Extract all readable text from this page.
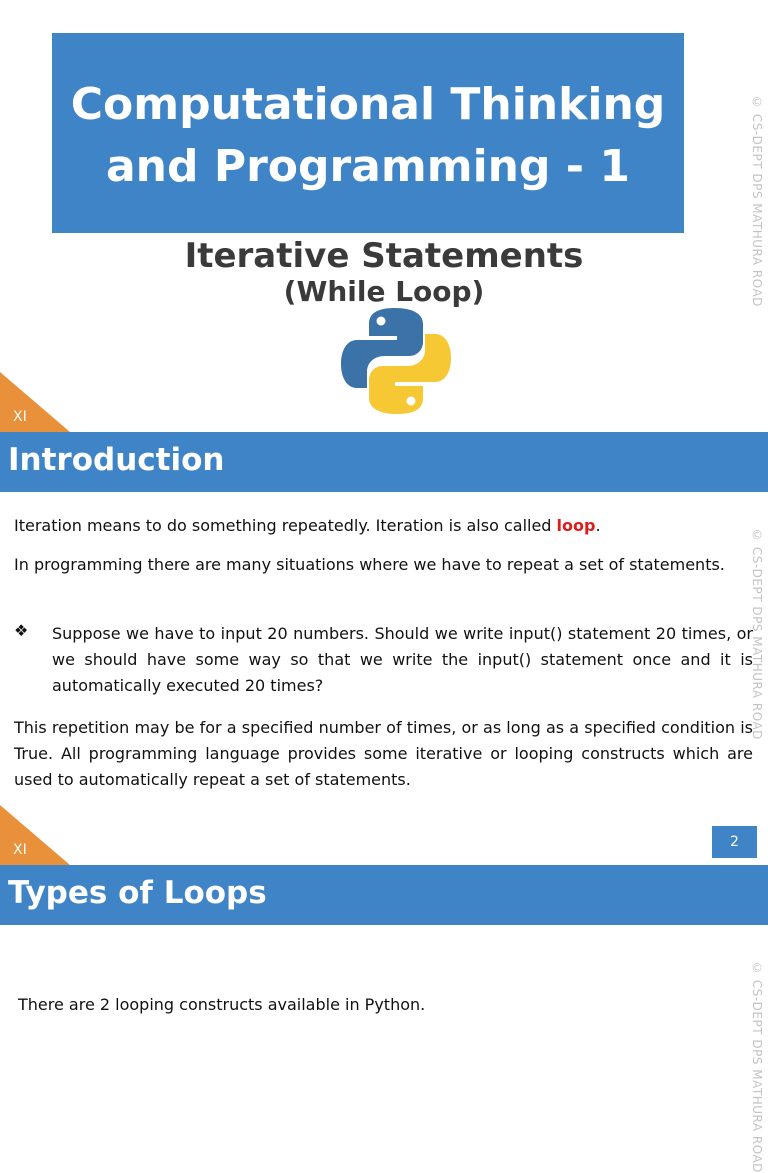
Computational Thinking
and Programming - 1
Iterative Statements
(While Loop)
XI
© CS-DEPT DPS MATHURA ROAD
Introduction
Iteration means to do something repeatedly. Iteration is also called loop.
In programming there are many situations where we have to repeat a set of statements.
❖ Suppose we have to input 20 numbers. Should we write input() statement 20 times, or we should have some way so that we write the input() statement once and it is automatically executed 20 times?
This repetition may be for a specified number of times, or as long as a specified condition is True. All programming language provides some iterative or looping constructs which are used to automatically repeat a set of statements.
XI	2
© CS-DEPT DPS MATHURA ROAD
Types of Loops
There are 2 looping constructs available in Python.	© CS-DEPT DPS MATHURA ROAD
